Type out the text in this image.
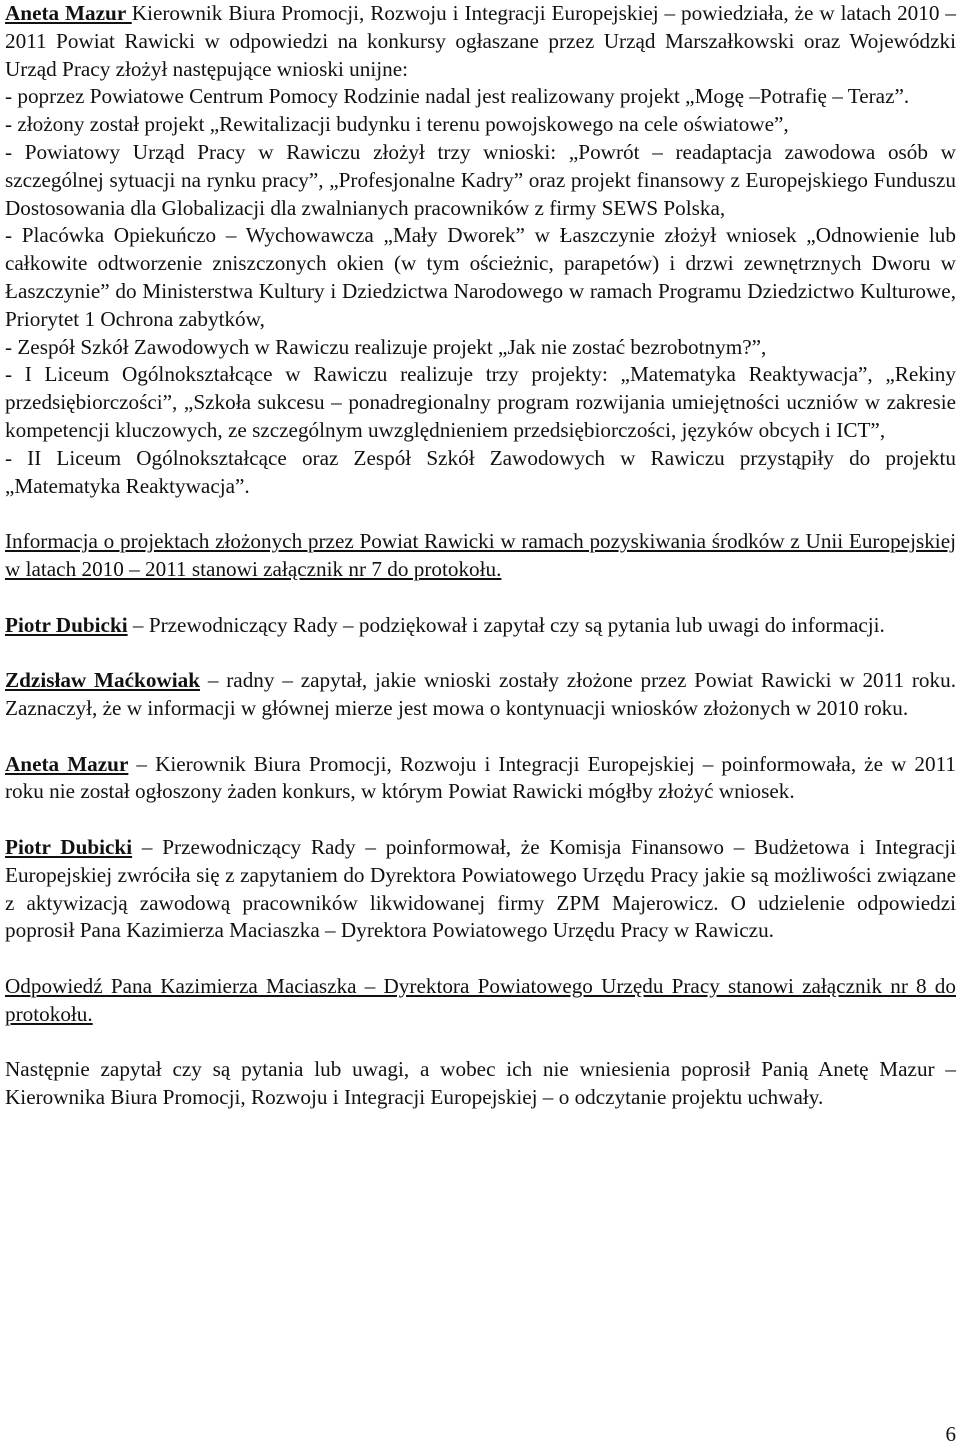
Aneta Mazur Kierownik Biura Promocji, Rozwoju i Integracji Europejskiej – powiedziała, że w latach 2010 – 2011 Powiat Rawicki w odpowiedzi na konkursy ogłaszane przez Urząd Marszałkowski oraz Wojewódzki Urząd Pracy złożył następujące wnioski unijne:

- poprzez Powiatowe Centrum Pomocy Rodzinie nadal jest realizowany projekt „Mogę –Potrafię – Teraz”.

- złożony został projekt „Rewitalizacji budynku i terenu powojskowego na cele oświatowe”,

- Powiatowy Urząd Pracy w Rawiczu złożył trzy wnioski: „Powrót – readaptacja zawodowa osób w szczególnej sytuacji na rynku pracy”, „Profesjonalne Kadry” oraz projekt finansowy z Europejskiego Funduszu Dostosowania dla Globalizacji dla zwalnianych pracowników z firmy SEWS Polska,

- Placówka Opiekuńczo – Wychowawcza „Mały Dworek” w Łaszczynie złożył wniosek „Odnowienie lub całkowite odtworzenie zniszczonych okien (w tym ościeżnic, parapetów) i drzwi zewnętrznych Dworu w Łaszczynie” do Ministerstwa Kultury i Dziedzictwa Narodowego w ramach Programu Dziedzictwo Kulturowe, Priorytet 1 Ochrona zabytków,

- Zespół Szkół Zawodowych w Rawiczu realizuje projekt „Jak nie zostać bezrobotnym?”,

- I Liceum Ogólnokształcące w Rawiczu realizuje trzy projekty: „Matematyka Reaktywacja”, „Rekiny przedsiębiorczości”, „Szkoła sukcesu – ponadregionalny program rozwijania umiejętności uczniów w zakresie kompetencji kluczowych, ze szczególnym uwzględnieniem przedsiębiorczości, języków obcych i ICT”,

- II Liceum Ogólnokształcące oraz Zespół Szkół Zawodowych w Rawiczu przystąpiły do projektu „Matematyka Reaktywacja”.

Informacja o projektach złożonych przez Powiat Rawicki w ramach pozyskiwania środków z Unii Europejskiej w latach 2010 – 2011 stanowi załącznik nr 7 do protokołu.

Piotr Dubicki – Przewodniczący Rady – podziękował i zapytał czy są pytania lub uwagi do informacji.

Zdzisław Maćkowiak – radny – zapytał, jakie wnioski zostały złożone przez Powiat Rawicki w 2011 roku. Zaznaczył, że w informacji w głównej mierze jest mowa o kontynuacji wniosków złożonych w 2010 roku.

Aneta Mazur – Kierownik Biura Promocji, Rozwoju i Integracji Europejskiej – poinformowała, że w 2011 roku nie został ogłoszony żaden konkurs, w którym Powiat Rawicki mógłby złożyć wniosek.

Piotr Dubicki – Przewodniczący Rady – poinformował, że Komisja Finansowo – Budżetowa i Integracji Europejskiej zwróciła się z zapytaniem do Dyrektora Powiatowego Urzędu Pracy jakie są możliwości związane z aktywizacją zawodową pracowników likwidowanej firmy ZPM Majerowicz. O udzielenie odpowiedzi poprosił Pana Kazimierza Maciaszka – Dyrektora Powiatowego Urzędu Pracy w Rawiczu.

Odpowiedź Pana Kazimierza Maciaszka – Dyrektora Powiatowego Urzędu Pracy stanowi załącznik nr 8 do protokołu.

Następnie zapytał czy są pytania lub uwagi, a wobec ich nie wniesienia poprosił Panią Anetę Mazur – Kierownika Biura Promocji, Rozwoju i Integracji Europejskiej – o odczytanie projektu uchwały.

6
